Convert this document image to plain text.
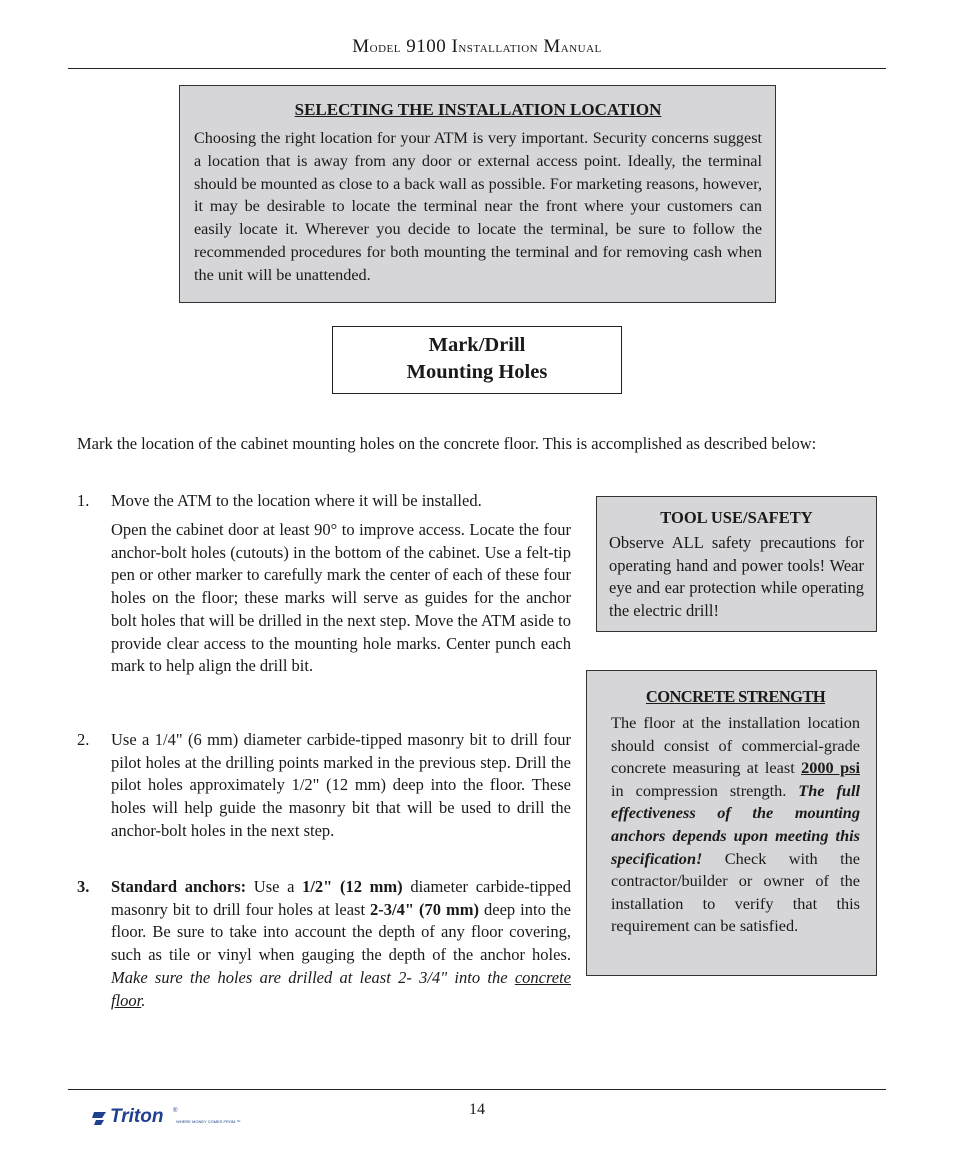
Model 9100 Installation Manual
SELECTING THE INSTALLATION LOCATION
Choosing the right location for your ATM is very important. Security concerns suggest a location that is away from any door or external access point. Ideally, the terminal should be mounted as close to a back wall as possible. For marketing reasons, however, it may be desirable to locate the terminal near the front where your customers can easily locate it. Wherever you decide to locate the terminal, be sure to follow the recommended procedures for both mounting the terminal and for removing cash when the unit will be unattended.
Mark/Drill
Mounting Holes
Mark the location of the cabinet mounting holes on the concrete floor. This is accomplished as described below:
1. Move the ATM to the location where it will be installed.
Open the cabinet door at least 90° to improve access. Locate the four anchor-bolt holes (cutouts) in the bottom of the cabinet. Use a felt-tip pen or other marker to carefully mark the center of each of these four holes on the floor; these marks will serve as guides for the anchor bolt holes that will be drilled in the next step. Move the ATM aside to provide clear access to the mounting hole marks. Center punch each mark to help align the drill bit.
2. Use a 1/4" (6 mm) diameter carbide-tipped masonry bit to drill four pilot holes at the drilling points marked in the previous step. Drill the pilot holes approximately 1/2" (12 mm) deep into the floor. These holes will help guide the masonry bit that will be used to drill the anchor-bolt holes in the next step.
3. Standard anchors: Use a 1/2" (12 mm) diameter carbide-tipped masonry bit to drill four holes at least 2-3/4" (70 mm) deep into the floor. Be sure to take into account the depth of any floor covering, such as tile or vinyl when gauging the depth of the anchor holes. Make sure the holes are drilled at least 2- 3/4" into the concrete floor.
TOOL USE/SAFETY
Observe ALL safety precautions for operating hand and power tools! Wear eye and ear protection while operating the electric drill!
CONCRETE STRENGTH
The floor at the installation location should consist of commercial-grade concrete measuring at least 2000 psi in compression strength. The full effectiveness of the mounting anchors depends upon meeting this specification! Check with the contractor/builder or owner of the installation to verify that this requirement can be satisfied.
14
Triton ®
WHERE MONEY COMES FROM.™
